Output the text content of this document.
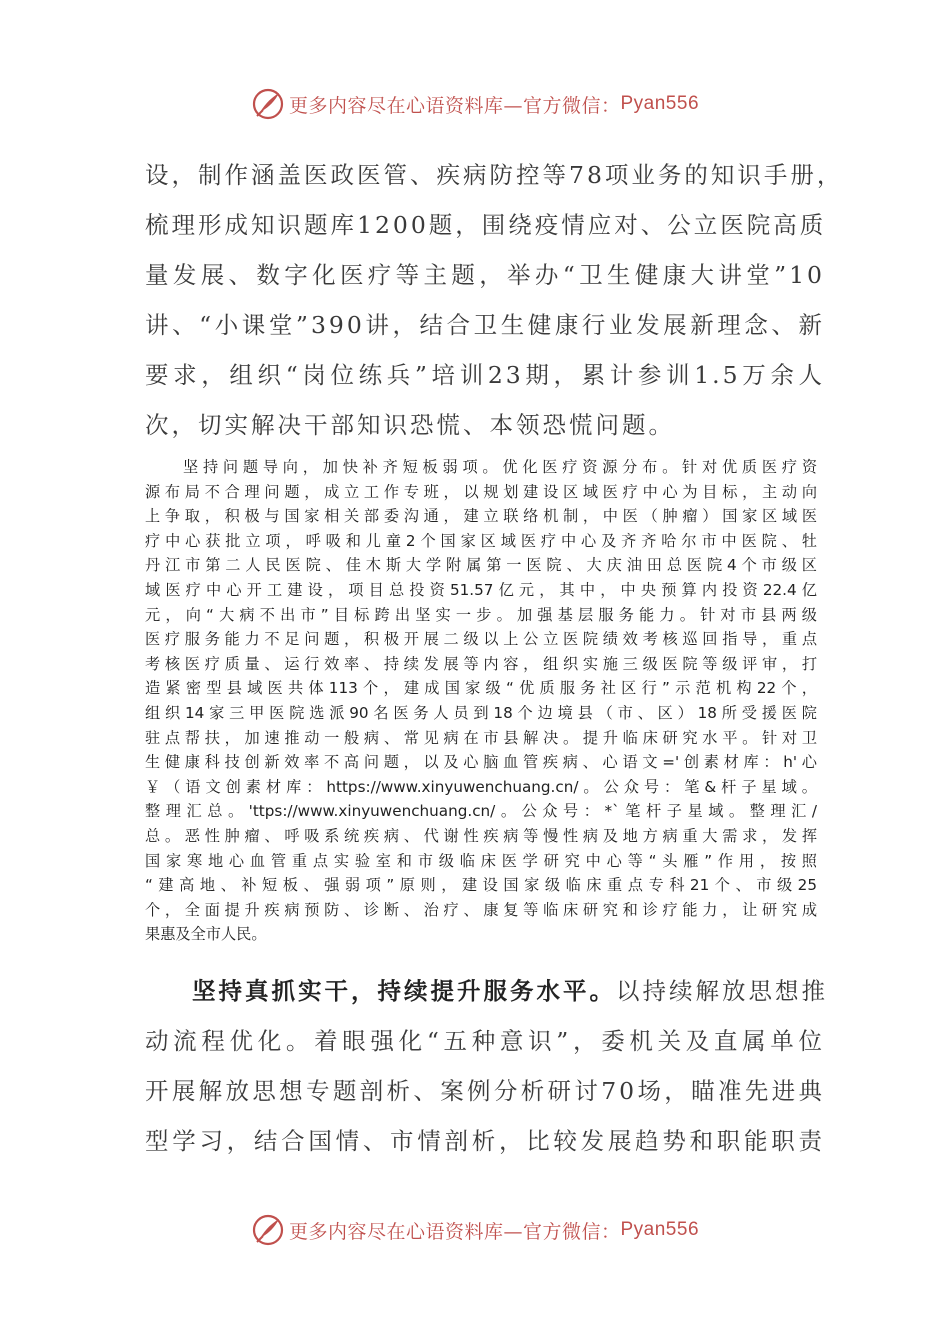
更多内容尽在心语资料库—官方微信： Pyan556
设，制作涵盖医政医管、疾病防控等78项业务的知识手册，
梳理形成知识题库1200题，围绕疫情应对、公立医院高质
量发展、数字化医疗等主题，举办“卫生健康大讲堂”10
讲、“小课堂”390讲，结合卫生健康行业发展新理念、新
要求，组织“岗位练兵”培训23期，累计参训1.5万余人
次，切实解决干部知识恐慌、本领恐慌问题。
坚持问题导向，加快补齐短板弱项。优化医疗资源分布。针对优质医疗资
源布局不合理问题，成立工作专班，以规划建设区域医疗中心为目标，主动向
上争取，积极与国家相关部委沟通，建立联络机制，中医（肿瘤）国家区域医
疗中心获批立项，呼吸和儿童2个国家区域医疗中心及齐齐哈尔市中医院、牡
丹江市第二人民医院、佳木斯大学附属第一医院、大庆油田总医院4个市级区
域医疗中心开工建设，项目总投资51.57亿元，其中，中央预算内投资22.4亿
元，向“大病不出市”目标跨出坚实一步。加强基层服务能力。针对市县两级
医疗服务能力不足问题，积极开展二级以上公立医院绩效考核巡回指导，重点
考核医疗质量、运行效率、持续发展等内容，组织实施三级医院等级评审，打
造紧密型县域医共体113个，建成国家级“优质服务社区行”示范机构22个，
组织14家三甲医院选派90名医务人员到18个边境县（市、区）18所受援医院
驻点帮扶，加速推动一般病、常见病在市县解决。提升临床研究水平。针对卫
生健康科技创新效率不高问题，以及心脑血管疾病、心语文='创素材库：h'心
￥（语文创素材库：https://www.xinyuwenchuang.cn/。公众号：笔&杆子星域。
整理汇总。'ttps://www.xinyuwenchuang.cn/。公众号：*`笔杆子星域。整理汇/
总。恶性肿瘤、呼吸系统疾病、代谢性疾病等慢性病及地方病重大需求，发挥
国家寒地心血管重点实验室和市级临床医学研究中心等“头雁”作用，按照
“建高地、补短板、强弱项”原则，建设国家级临床重点专科21个、市级25
个，全面提升疾病预防、诊断、治疗、康复等临床研究和诊疗能力，让研究成
果惠及全市人民。
坚持真抓实干，持续提升服务水平。以持续解放思想推
动流程优化。着眼强化“五种意识”，委机关及直属单位
开展解放思想专题剖析、案例分析研讨70场，瞄准先进典
型学习，结合国情、市情剖析，比较发展趋势和职能职责
更多内容尽在心语资料库—官方微信： Pyan556
